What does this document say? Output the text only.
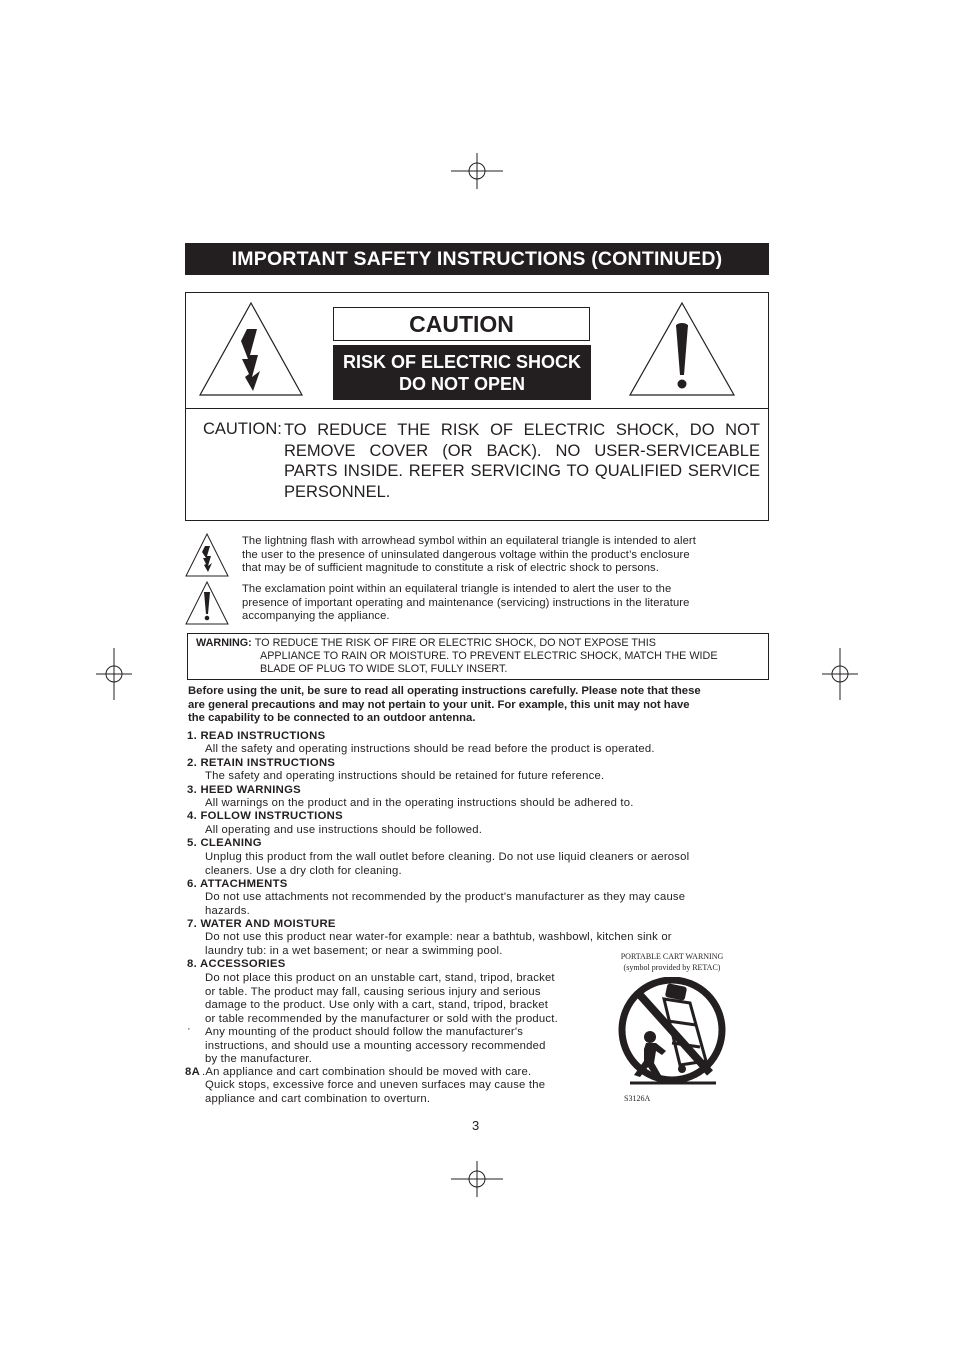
IMPORTANT SAFETY INSTRUCTIONS (CONTINUED)
CAUTION
RISK OF ELECTRIC SHOCK
DO NOT OPEN
CAUTION: TO REDUCE THE RISK OF ELECTRIC SHOCK, DO NOT REMOVE COVER (OR BACK). NO USER-SERVICEABLE PARTS INSIDE. REFER SERVICING TO QUALIFIED SERVICE PERSONNEL.
The lightning flash with arrowhead symbol within an equilateral triangle is intended to alert
the user to the presence of uninsulated dangerous voltage within the product’s enclosure
that may be of sufficient magnitude to constitute a risk of electric shock to persons.
The exclamation point within an equilateral triangle is intended to alert the user to the
presence of important operating and maintenance (servicing) instructions in the literature
accompanying the appliance.
WARNING: TO REDUCE THE RISK OF FIRE OR ELECTRIC SHOCK, DO NOT EXPOSE THIS
APPLIANCE TO RAIN OR MOISTURE. TO PREVENT ELECTRIC SHOCK, MATCH THE WIDE
BLADE OF PLUG TO WIDE SLOT, FULLY INSERT.
Before using the unit, be sure to read all operating instructions carefully. Please note that these
are general precautions and may not pertain to your unit. For example, this unit may not have
the capability to be connected to an outdoor antenna.
1. READ INSTRUCTIONS
All the safety and operating instructions should be read before the product is operated.
2. RETAIN INSTRUCTIONS
The safety and operating instructions should be retained for future reference.
3. HEED WARNINGS
All warnings on the product and in the operating instructions should be adhered to.
4. FOLLOW INSTRUCTIONS
All operating and use instructions should be followed.
5. CLEANING
Unplug this product from the wall outlet before cleaning. Do not use liquid cleaners or aerosol
cleaners. Use a dry cloth for cleaning.
6. ATTACHMENTS
Do not use attachments not recommended by the product's manufacturer as they may cause
hazards.
7. WATER AND MOISTURE
Do not use this product near water-for example: near a bathtub, washbowl, kitchen sink or
laundry tub: in a wet basement; or near a swimming pool.
8. ACCESSORIES
Do not place this product on an unstable cart, stand, tripod, bracket
or table. The product may fall, causing serious injury and serious
damage to the product. Use only with a cart, stand, tripod, bracket
or table recommended by the manufacturer or sold with the product.
Any mounting of the product should follow the manufacturer's
instructions, and should use a mounting accessory recommended
by the manufacturer.
·
8A .An appliance and cart combination should be moved with care.
Quick stops, excessive force and uneven surfaces may cause the
appliance and cart combination to overturn.
PORTABLE CART WARNING
(symbol provided by RETAC)
S3126A
3
